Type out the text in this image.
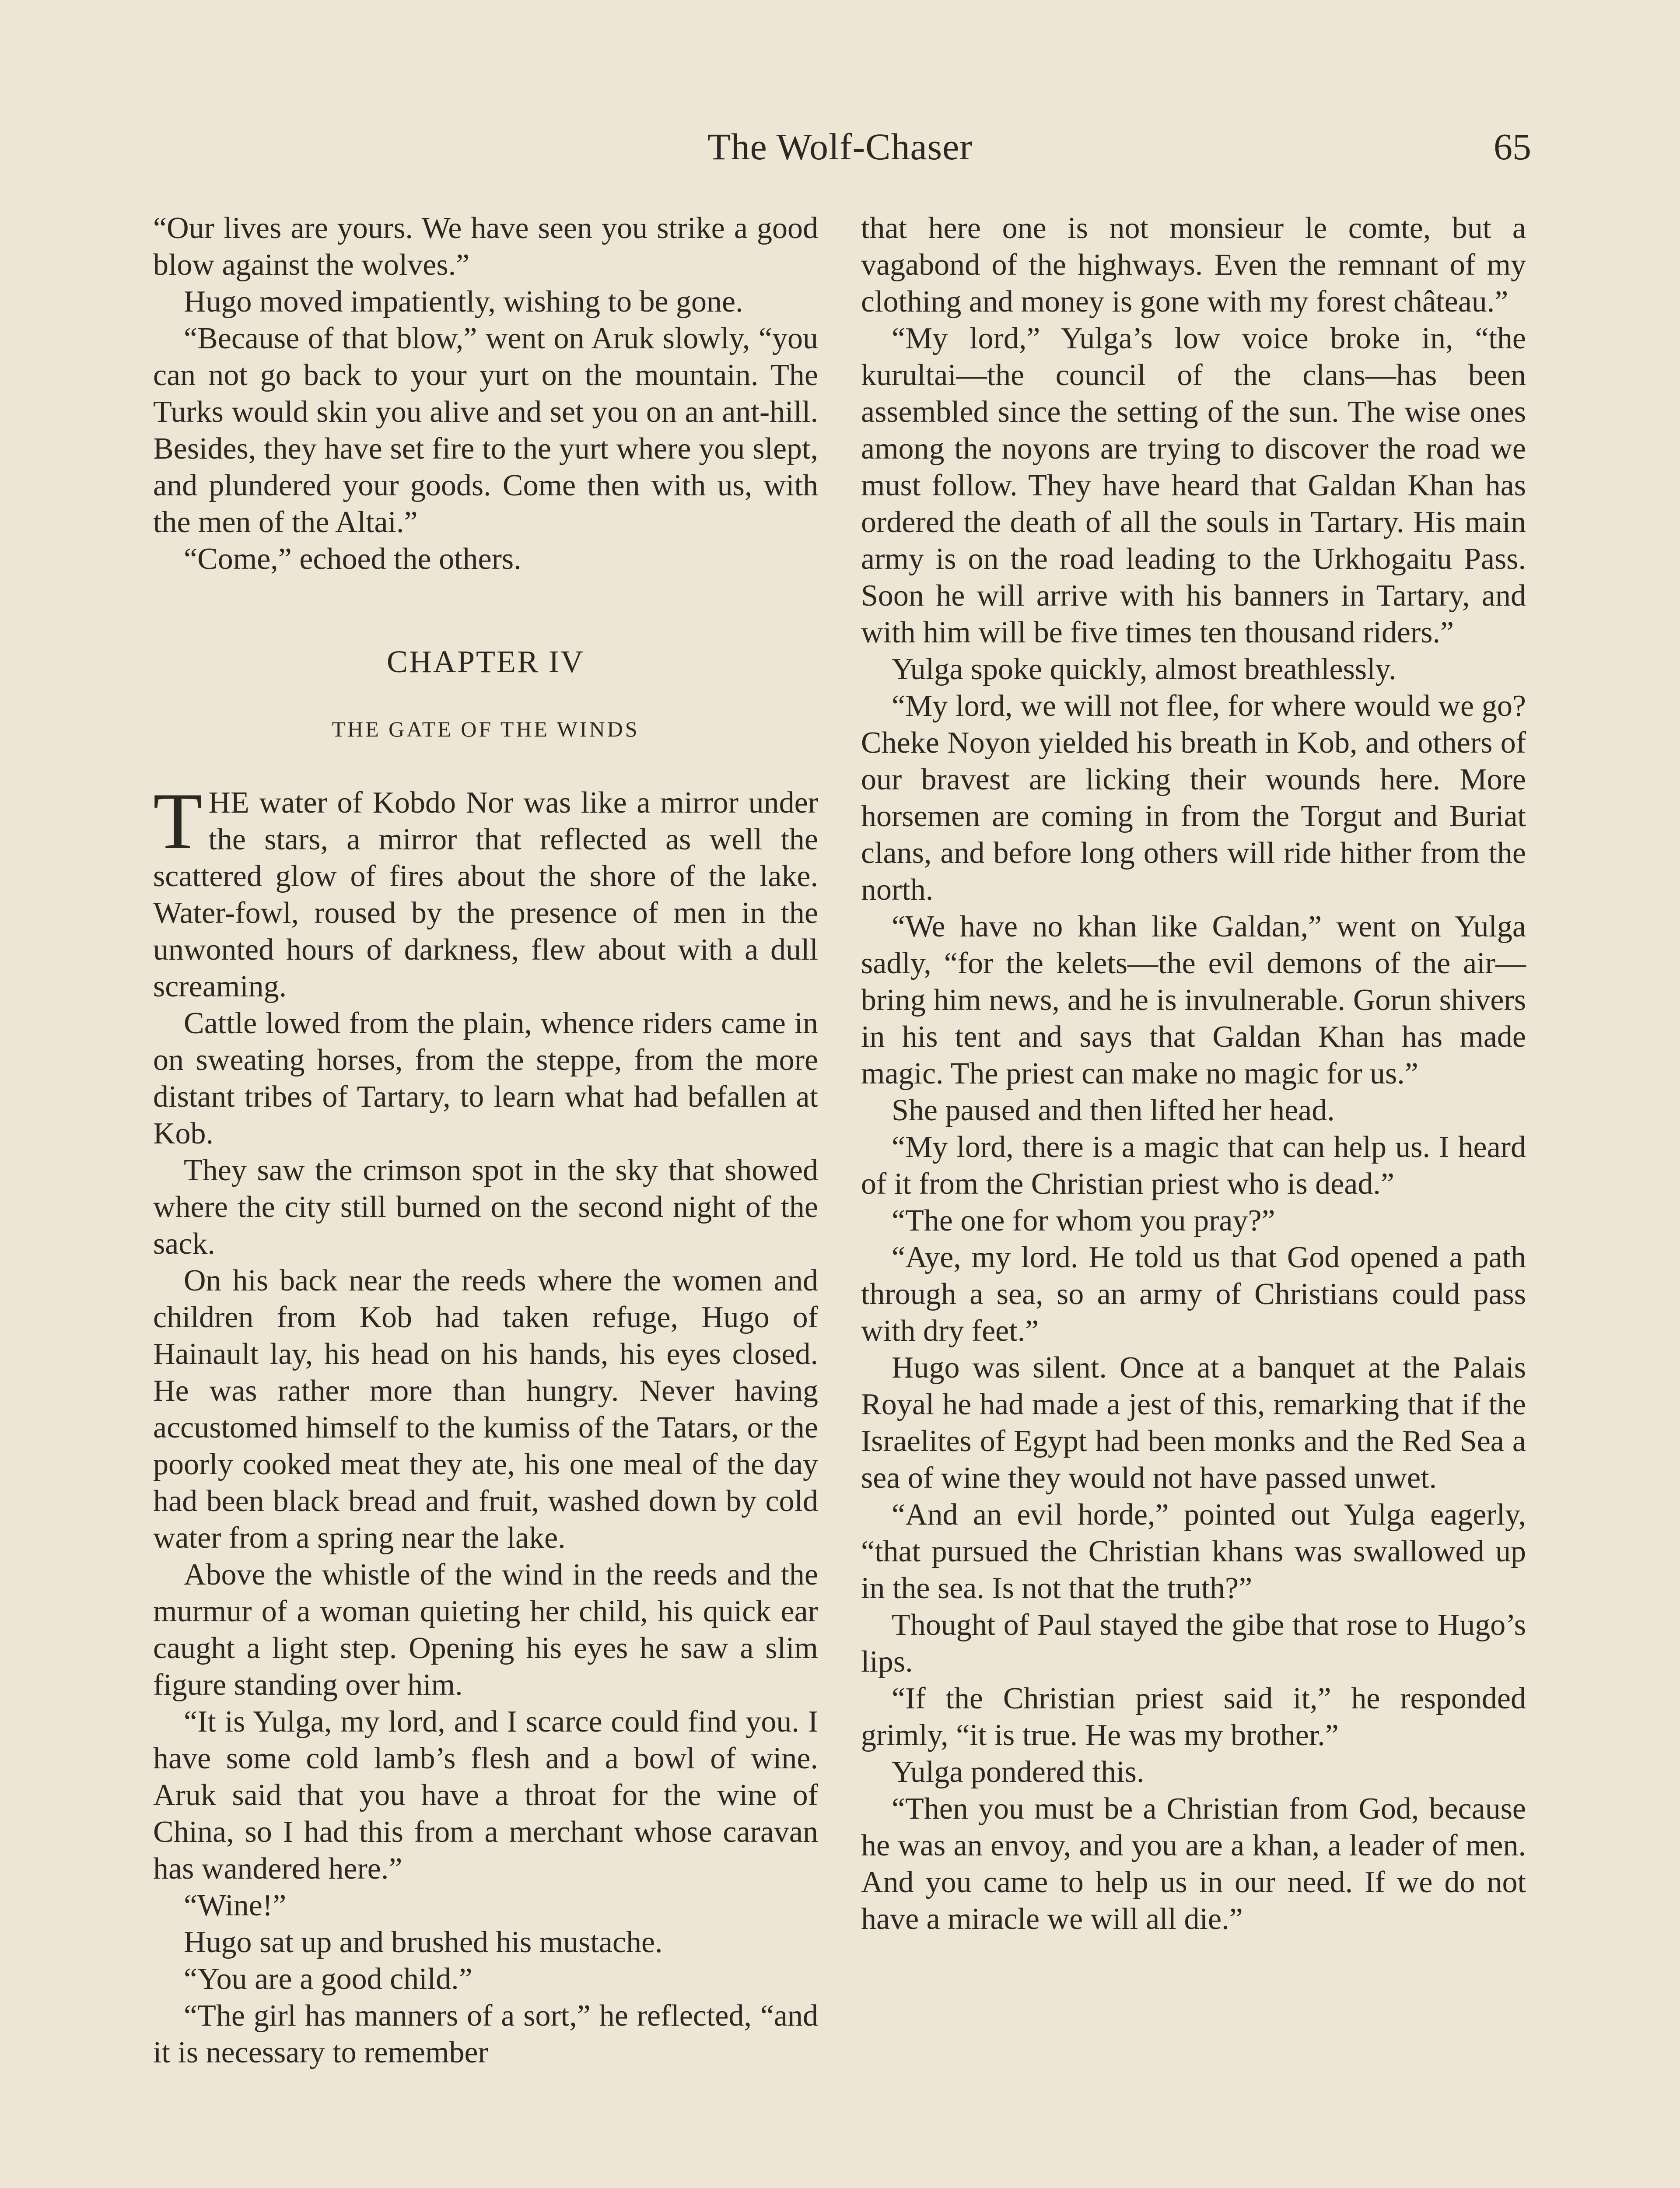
The Wolf-Chaser	65

“Our lives are yours. We have seen you strike a good blow against the wolves.”

Hugo moved impatiently, wishing to be gone.

“Because of that blow,” went on Aruk slowly, “you can not go back to your yurt on the mountain. The Turks would skin you alive and set you on an ant-hill. Besides, they have set fire to the yurt where you slept, and plundered your goods. Come then with us, with the men of the Altai.”

“Come,” echoed the others.

CHAPTER IV
THE GATE OF THE WINDS

THE water of Kobdo Nor was like a mirror under the stars, a mirror that reflected as well the scattered glow of fires about the shore of the lake. Water-fowl, roused by the presence of men in the unwonted hours of darkness, flew about with a dull screaming.

Cattle lowed from the plain, whence riders came in on sweating horses, from the steppe, from the more distant tribes of Tartary, to learn what had befallen at Kob.

They saw the crimson spot in the sky that showed where the city still burned on the second night of the sack.

On his back near the reeds where the women and children from Kob had taken refuge, Hugo of Hainault lay, his head on his hands, his eyes closed. He was rather more than hungry. Never having accustomed himself to the kumiss of the Tatars, or the poorly cooked meat they ate, his one meal of the day had been black bread and fruit, washed down by cold water from a spring near the lake.

Above the whistle of the wind in the reeds and the murmur of a woman quieting her child, his quick ear caught a light step. Opening his eyes he saw a slim figure standing over him.

“It is Yulga, my lord, and I scarce could find you. I have some cold lamb’s flesh and a bowl of wine. Aruk said that you have a throat for the wine of China, so I had this from a merchant whose caravan has wandered here.”

“Wine!”

Hugo sat up and brushed his mustache.

“You are a good child.”

“The girl has manners of a sort,” he reflected, “and it is necessary to remember

that here one is not monsieur le comte, but a vagabond of the highways. Even the remnant of my clothing and money is gone with my forest château.”

“My lord,” Yulga’s low voice broke in, “the kurultai—the council of the clans—has been assembled since the setting of the sun. The wise ones among the noyons are trying to discover the road we must follow. They have heard that Galdan Khan has ordered the death of all the souls in Tartary. His main army is on the road leading to the Urkhogaitu Pass. Soon he will arrive with his banners in Tartary, and with him will be five times ten thousand riders.”

Yulga spoke quickly, almost breathlessly.

“My lord, we will not flee, for where would we go? Cheke Noyon yielded his breath in Kob, and others of our bravest are licking their wounds here. More horsemen are coming in from the Torgut and Buriat clans, and before long others will ride hither from the north.

“We have no khan like Galdan,” went on Yulga sadly, “for the kelets—the evil demons of the air—bring him news, and he is invulnerable. Gorun shivers in his tent and says that Galdan Khan has made magic. The priest can make no magic for us.”

She paused and then lifted her head.

“My lord, there is a magic that can help us. I heard of it from the Christian priest who is dead.”

“The one for whom you pray?”

“Aye, my lord. He told us that God opened a path through a sea, so an army of Christians could pass with dry feet.”

Hugo was silent. Once at a banquet at the Palais Royal he had made a jest of this, remarking that if the Israelites of Egypt had been monks and the Red Sea a sea of wine they would not have passed unwet.

“And an evil horde,” pointed out Yulga eagerly, “that pursued the Christian khans was swallowed up in the sea. Is not that the truth?”

Thought of Paul stayed the gibe that rose to Hugo’s lips.

“If the Christian priest said it,” he responded grimly, “it is true. He was my brother.”

Yulga pondered this.

“Then you must be a Christian from God, because he was an envoy, and you are a khan, a leader of men. And you came to help us in our need. If we do not have a miracle we will all die.”
